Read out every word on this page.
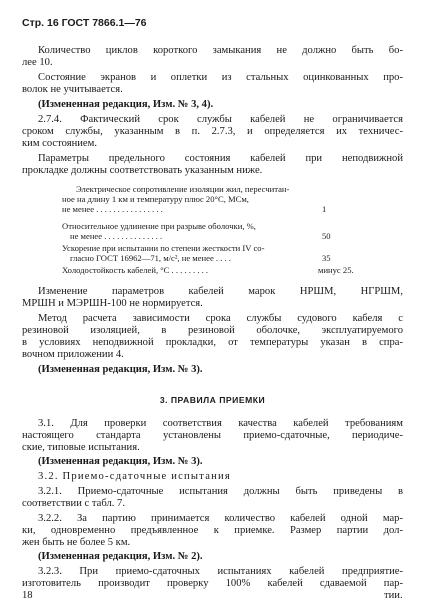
Стр. 16 ГОСТ 7866.1—76
Количество циклов короткого замыкания не должно быть бо-
лее 10.
Состояние экранов и оплетки из стальных оцинкованных про-
волок не учитывается.
(Измененная редакция, Изм. № 3, 4).
2.7.4. Фактический срок службы кабелей не ограничивается
сроком службы, указанным в п. 2.7.3, и определяется их техничес-
ким состоянием.
Параметры предельного состояния кабелей при неподвижной
прокладке должны соответствовать указанным ниже.
Электрическое сопротивление изоляции жил, пересчитан-
ное на длину 1 км и температуру плюс 20°С, МСм,
не менее . . . . . . . . . . . . . . . .	1
Относительное удлинение при разрыве оболочки, %,
не менее . . . . . . . . . . . . . .	50
Ускорение при испытании по степени жесткости IV со-
гласно ГОСТ 16962—71, м/с², не менее . . . .	35
Холодостойкость кабелей, °С . . . . . . . . .	минус 25.
Изменение параметров кабелей марок НРШМ, НГРШМ,
МРШН и МЭРШН-100 не нормируется.
Метод расчета зависимости срока службы судового кабеля с
резиновой изоляцией, в резиновой оболочке, эксплуатируемого
в условиях неподвижной прокладки, от температуры указан в спра-
вочном приложении 4.
(Измененная редакция, Изм. № 3).
3. ПРАВИЛА ПРИЕМКИ
3.1. Для проверки соответствия качества кабелей требованиям
настоящего стандарта установлены приемо-сдаточные, периодиче-
ские, типовые испытания.
(Измененная редакция, Изм. № 3).
3.2. Приемо-сдаточные испытания
3.2.1. Приемо-сдаточные испытания должны быть приведены в
соответствии с табл. 7.
3.2.2. За партию принимается количество кабелей одной мар-
ки, одновременно предъявленное к приемке. Размер партии дол-
жен быть не более 5 км.
(Измененная редакция, Изм. № 2).
3.2.3. При приемо-сдаточных испытаниях кабелей предприятие-
изготовитель производит проверку 100% кабелей сдаваемой пар-
тии.
18
